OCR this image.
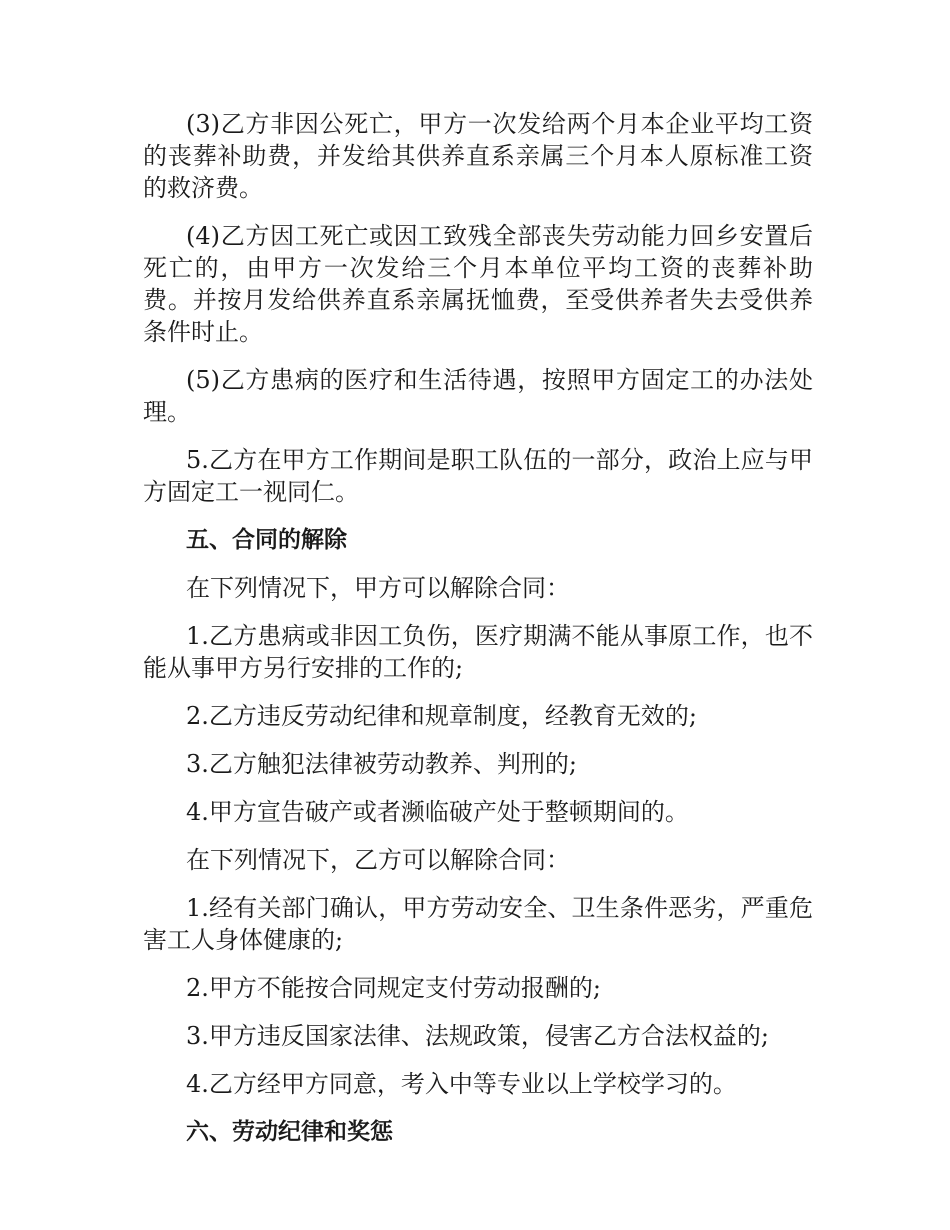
(3)乙方非因公死亡，甲方一次发给两个月本企业平均工资的丧葬补助费，并发给其供养直系亲属三个月本人原标准工资的救济费。

(4)乙方因工死亡或因工致残全部丧失劳动能力回乡安置后死亡的，由甲方一次发给三个月本单位平均工资的丧葬补助费。并按月发给供养直系亲属抚恤费，至受供养者失去受供养条件时止。

(5)乙方患病的医疗和生活待遇，按照甲方固定工的办法处理。

5.乙方在甲方工作期间是职工队伍的一部分，政治上应与甲方固定工一视同仁。

五、合同的解除

在下列情况下，甲方可以解除合同：

1.乙方患病或非因工负伤，医疗期满不能从事原工作，也不能从事甲方另行安排的工作的;

2.乙方违反劳动纪律和规章制度，经教育无效的;

3.乙方触犯法律被劳动教养、判刑的;

4.甲方宣告破产或者濒临破产处于整顿期间的。

在下列情况下，乙方可以解除合同：

1.经有关部门确认，甲方劳动安全、卫生条件恶劣，严重危害工人身体健康的;

2.甲方不能按合同规定支付劳动报酬的;

3.甲方违反国家法律、法规政策，侵害乙方合法权益的;

4.乙方经甲方同意，考入中等专业以上学校学习的。

六、劳动纪律和奖惩
